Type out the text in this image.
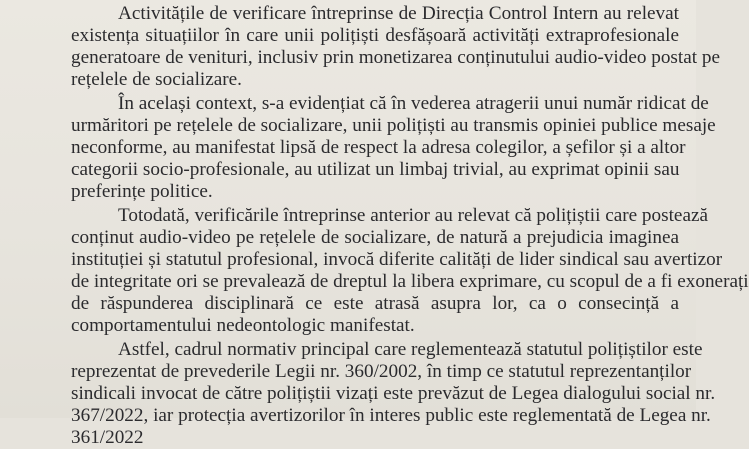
Activitățile de verificare întreprinse de Direcția Control Intern au relevat

existența situațiilor în care unii polițiști desfășoară activități extraprofesionale

generatoare de venituri, inclusiv prin monetizarea conținutului audio-video postat pe

rețelele de socializare.

În același context, s-a evidențiat că în vederea atragerii unui număr ridicat de

urmăritori pe rețelele de socializare, unii polițiști au transmis opiniei publice mesaje

neconforme, au manifestat lipsă de respect la adresa colegilor, a șefilor și a altor

categorii socio-profesionale, au utilizat un limbaj trivial, au exprimat opinii sau

preferințe politice.

Totodată, verificările întreprinse anterior au relevat că polițiștii care postează

conținut audio-video pe rețelele de socializare, de natură a prejudicia imaginea

instituției și statutul profesional, invocă diferite calități de lider sindical sau avertizor

de integritate ori se prevalează de dreptul la libera exprimare, cu scopul de a fi exonerați

de răspunderea disciplinară ce este atrasă asupra lor, ca o consecință a

comportamentului nedeontologic manifestat.

Astfel, cadrul normativ principal care reglementează statutul polițiștilor este

reprezentat de prevederile Legii nr. 360/2002, în timp ce statutul reprezentanților

sindicali invocat de către polițiștii vizați este prevăzut de Legea dialogului social nr.

367/2022, iar protecția avertizorilor în interes public este reglementată de Legea nr.

361/2022
